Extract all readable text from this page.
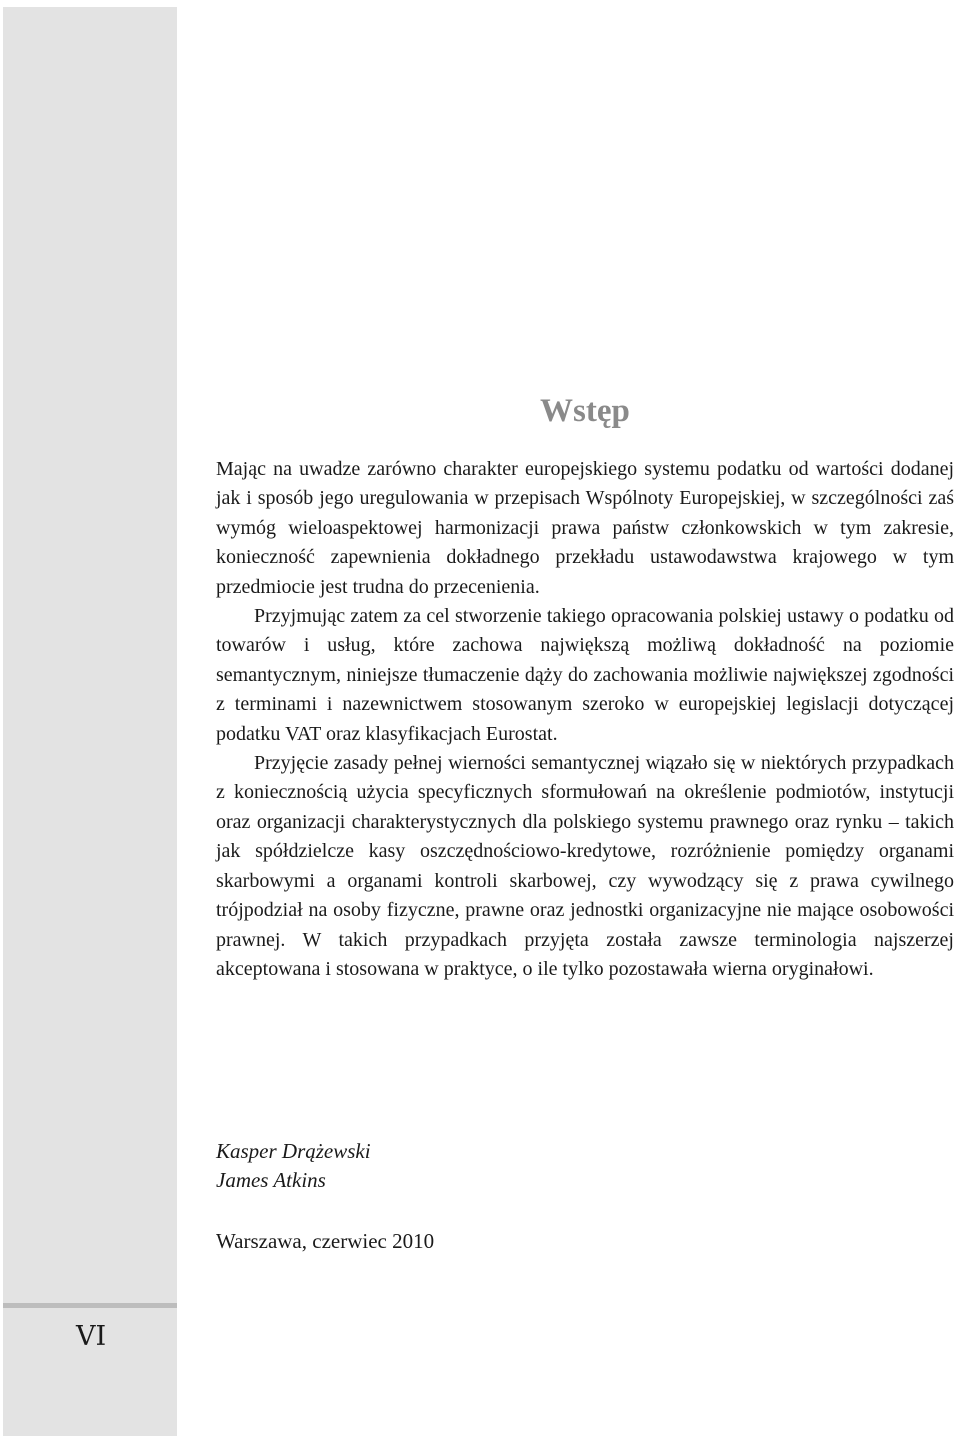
VI
Wstęp

Mając na uwadze zarówno charakter europejskiego systemu podatku od wartości dodanej jak i sposób jego uregulowania w przepisach Wspólnoty Europejskiej, w szczególności zaś wymóg wieloaspektowej harmonizacji prawa państw członkowskich w tym zakresie, konieczność zapewnienia dokładnego przekładu ustawodawstwa krajowego w tym przedmiocie jest trudna do przecenienia.

Przyjmując zatem za cel stworzenie takiego opracowania polskiej ustawy o podatku od towarów i usług, które zachowa największą możliwą dokładność na poziomie semantycznym, niniejsze tłumaczenie dąży do zachowania możliwie największej zgodności z terminami i nazewnictwem stosowanym szeroko w europejskiej legislacji dotyczącej podatku VAT oraz klasyfikacjach Eurostat.

Przyjęcie zasady pełnej wierności semantycznej wiązało się w niektórych przypadkach z koniecznością użycia specyficznych sformułowań na określenie podmiotów, instytucji oraz organizacji charakterystycznych dla polskiego systemu prawnego oraz rynku – takich jak spółdzielcze kasy oszczędnościowo-kredytowe, rozróżnienie pomiędzy organami skarbowymi a organami kontroli skarbowej, czy wywodzący się z prawa cywilnego trójpodział na osoby fizyczne, prawne oraz jednostki organizacyjne nie mające osobowości prawnej. W takich przypadkach przyjęta została zawsze terminologia najszerzej akceptowana i stosowana w praktyce, o ile tylko pozostawała wierna oryginałowi.

Kasper Drążewski
James Atkins
Warszawa, czerwiec 2010
